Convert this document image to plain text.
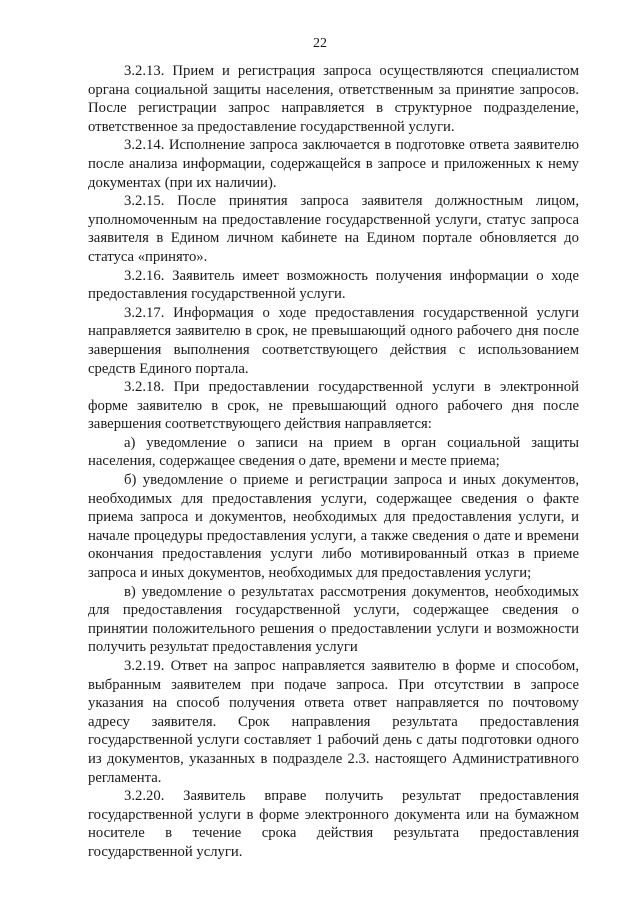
22

3.2.13. Прием и регистрация запроса осуществляются специалистом органа социальной защиты населения, ответственным за принятие запросов. После регистрации запрос направляется в структурное подразделение, ответственное за предоставление государственной услуги.

3.2.14. Исполнение запроса заключается в подготовке ответа заявителю после анализа информации, содержащейся в запросе и приложенных к нему документах (при их наличии).

3.2.15. После принятия запроса заявителя должностным лицом, уполномоченным на предоставление государственной услуги, статус запроса заявителя в Едином личном кабинете на Едином портале обновляется до статуса «принято».

3.2.16. Заявитель имеет возможность получения информации о ходе предоставления государственной услуги.

3.2.17. Информация о ходе предоставления государственной услуги направляется заявителю в срок, не превышающий одного рабочего дня после завершения выполнения соответствующего действия с использованием средств Единого портала.

3.2.18. При предоставлении государственной услуги в электронной форме заявителю в срок, не превышающий одного рабочего дня после завершения соответствующего действия направляется:

а) уведомление о записи на прием в орган социальной защиты населения, содержащее сведения о дате, времени и месте приема;

б) уведомление о приеме и регистрации запроса и иных документов, необходимых для предоставления услуги, содержащее сведения о факте приема запроса и документов, необходимых для предоставления услуги, и начале процедуры предоставления услуги, а также сведения о дате и времени окончания предоставления услуги либо мотивированный отказ в приеме запроса и иных документов, необходимых для предоставления услуги;

в) уведомление о результатах рассмотрения документов, необходимых для предоставления государственной услуги, содержащее сведения о принятии положительного решения о предоставлении услуги и возможности получить результат предоставления услуги

3.2.19. Ответ на запрос направляется заявителю в форме и способом, выбранным заявителем при подаче запроса. При отсутствии в запросе указания на способ получения ответа ответ направляется по почтовому адресу заявителя. Срок направления результата предоставления государственной услуги составляет 1 рабочий день с даты подготовки одного из документов, указанных в подразделе 2.3. настоящего Административного регламента.

3.2.20. Заявитель вправе получить результат предоставления государственной услуги в форме электронного документа или на бумажном носителе в течение срока действия результата предоставления государственной услуги.
